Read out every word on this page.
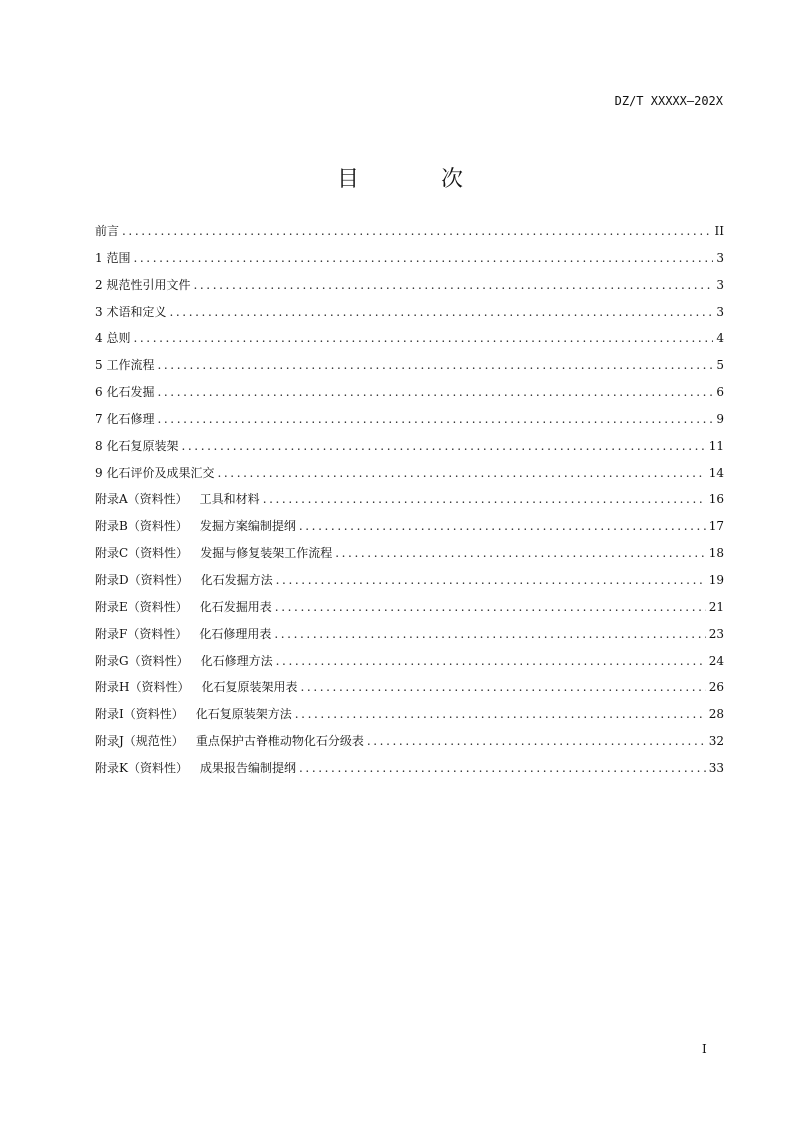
DZ/T XXXXX—202X
目　次
前言 .....	II
1 范围 .....	3
2 规范性引用文件 .....	3
3 术语和定义 .....	3
4 总则 .....	4
5 工作流程 .....	5
6 化石发掘 .....	6
7 化石修理 .....	9
8 化石复原装架 .....	11
9 化石评价及成果汇交 .....	14
附录A（资料性） 工具和材料 .....	16
附录B（资料性） 发掘方案编制提纲 .....	17
附录C（资料性） 发掘与修复装架工作流程 .....	18
附录D（资料性） 化石发掘方法 .....	19
附录E（资料性） 化石发掘用表 .....	21
附录F（资料性） 化石修理用表 .....	23
附录G（资料性） 化石修理方法 .....	24
附录H（资料性） 化石复原装架用表 .....	26
附录I（资料性） 化石复原装架方法 .....	28
附录J（规范性） 重点保护古脊椎动物化石分级表 .....	32
附录K（资料性） 成果报告编制提纲 .....	33
I
